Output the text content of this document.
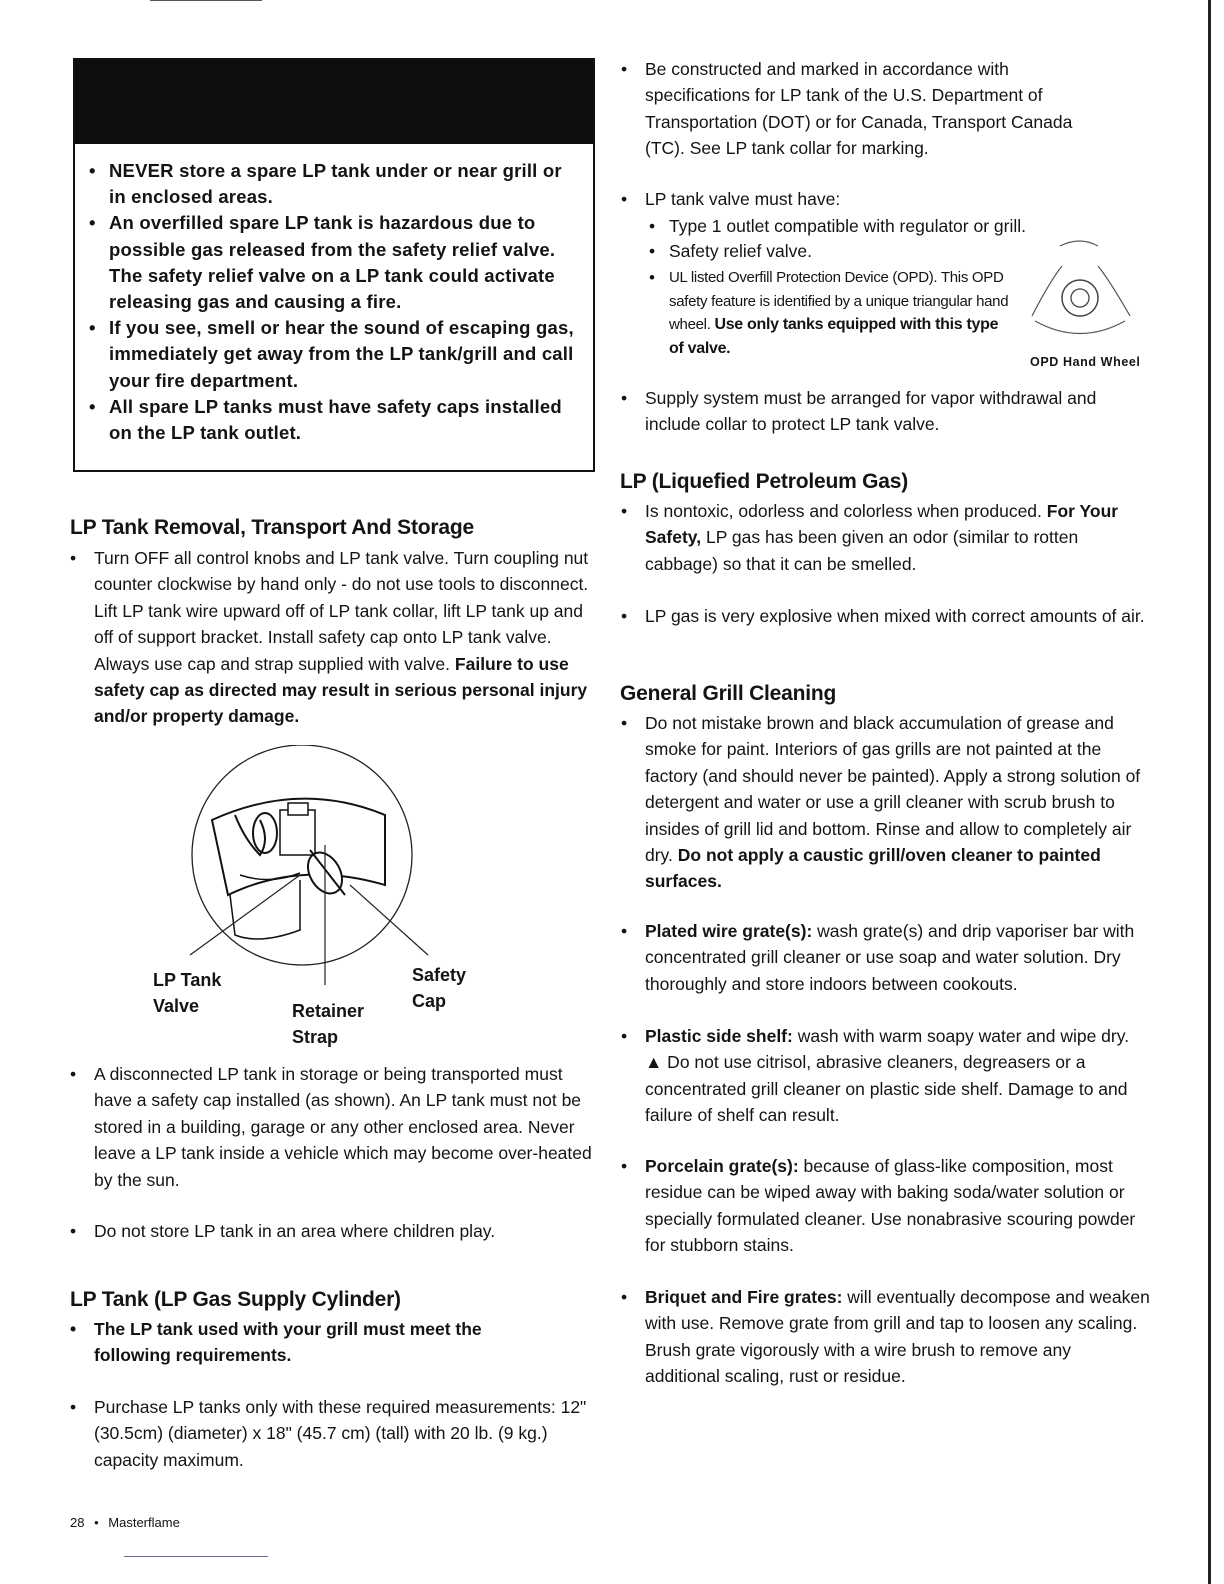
• NEVER store a spare LP tank under or near grill or in enclosed areas.
• An overfilled spare LP tank is hazardous due to possible gas released from the safety relief valve. The safety relief valve on a LP tank could activate releasing gas and causing a fire.
• If you see, smell or hear the sound of escaping gas, immediately get away from the LP tank/grill and call your fire department.
• All spare LP tanks must have safety caps installed on the LP tank outlet.
LP Tank Removal, Transport And Storage
• Turn OFF all control knobs and LP tank valve. Turn coupling nut counter clockwise by hand only - do not use tools to disconnect. Lift LP tank wire upward off of LP tank collar, lift LP tank up and off of support bracket. Install safety cap onto LP tank valve. Always use cap and strap supplied with valve. Failure to use safety cap as directed may result in serious personal injury and/or property damage.
LP Tank Valve	Retainer Strap
Safety Cap
• A disconnected LP tank in storage or being transported must have a safety cap installed (as shown). An LP tank must not be stored in a building, garage or any other enclosed area. Never leave a LP tank inside a vehicle which may become over-heated by the sun.
• Do not store LP tank in an area where children play.
LP Tank (LP Gas Supply Cylinder)
• The LP tank used with your grill must meet the following requirements.
• Purchase LP tanks only with these required measurements: 12" (30.5cm) (diameter) x 18" (45.7 cm) (tall) with 20 lb. (9 kg.) capacity maximum.
• Be constructed and marked in accordance with specifications for LP tank of the U.S. Department of Transportation (DOT) or for Canada, Transport Canada (TC). See LP tank collar for marking.
• LP tank valve must have:
• Type 1 outlet compatible with regulator or grill.
• Safety relief valve.
• UL listed Overfill Protection Device (OPD). This OPD safety feature is identified by a unique triangular hand wheel. Use only tanks equipped with this type of valve.
OPD Hand Wheel
• Supply system must be arranged for vapor withdrawal and include collar to protect LP tank valve.
LP (Liquefied Petroleum Gas)
• Is nontoxic, odorless and colorless when produced. For Your Safety, LP gas has been given an odor (similar to rotten cabbage) so that it can be smelled.
• LP gas is very explosive when mixed with correct amounts of air.
General Grill Cleaning
• Do not mistake brown and black accumulation of grease and smoke for paint. Interiors of gas grills are not painted at the factory (and should never be painted). Apply a strong solution of detergent and water or use a grill cleaner with scrub brush to insides of grill lid and bottom. Rinse and allow to completely air dry. Do not apply a caustic grill/oven cleaner to painted surfaces.
• Plated wire grate(s): wash grate(s) and drip vaporiser bar with concentrated grill cleaner or use soap and water solution. Dry thoroughly and store indoors between cookouts.
• Plastic side shelf: wash with warm soapy water and wipe dry. ▲ Do not use citrisol, abrasive cleaners, degreasers or a concentrated grill cleaner on plastic side shelf. Damage to and failure of shelf can result.
• Porcelain grate(s): because of glass-like composition, most residue can be wiped away with baking soda/water solution or specially formulated cleaner. Use nonabrasive scouring powder for stubborn stains.
• Briquet and Fire grates: will eventually decompose and weaken with use. Remove grate from grill and tap to loosen any scaling. Brush grate vigorously with a wire brush to remove any additional scaling, rust or residue.
28 • Masterflame
